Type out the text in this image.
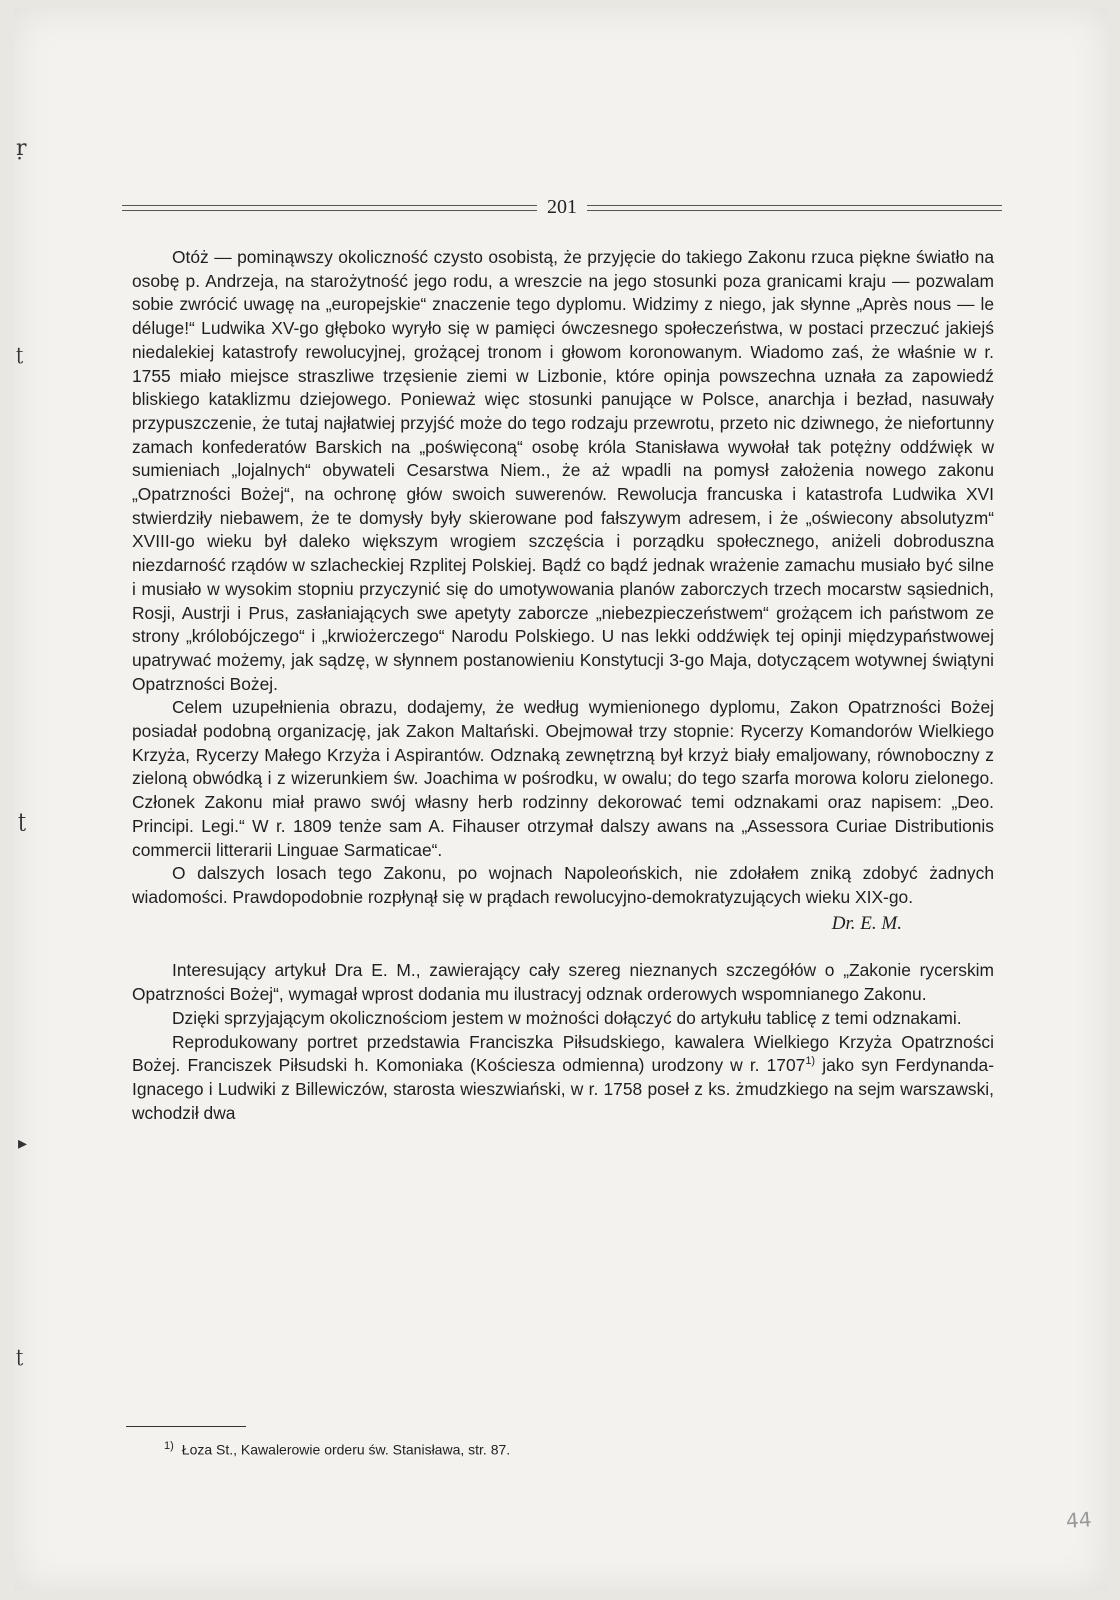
ṛ
ʈ
ʈ
▸
ʈ
201

Otóż — pominąwszy okoliczność czysto osobistą, że przyjęcie do takiego Zakonu rzuca piękne światło na osobę p. Andrzeja, na starożytność jego rodu, a wreszcie na jego stosunki poza granicami kraju — pozwalam sobie zwrócić uwagę na „europejskie“ znaczenie tego dyplomu. Widzimy z niego, jak słynne „Après nous — le déluge!“ Ludwika XV-go głęboko wyryło się w pamięci ówczesnego społeczeństwa, w postaci przeczuć jakiejś niedalekiej katastrofy rewolucyjnej, grożącej tronom i głowom koronowanym. Wiadomo zaś, że właśnie w r. 1755 miało miejsce straszliwe trzęsienie ziemi w Lizbonie, które opinja powszechna uznała za zapowiedź bliskiego kataklizmu dziejowego. Ponieważ więc stosunki panujące w Polsce, anarchja i bezład, nasuwały przypuszczenie, że tutaj najłatwiej przyjść może do tego rodzaju przewrotu, przeto nic dziwnego, że niefortunny zamach konfederatów Barskich na „poświęconą“ osobę króla Stanisława wywołał tak potężny oddźwięk w sumieniach „lojalnych“ obywateli Cesarstwa Niem., że aż wpadli na pomysł założenia nowego zakonu „Opatrzności Bożej“, na ochronę głów swoich suwerenów. Rewolucja francuska i katastrofa Ludwika XVI stwierdziły niebawem, że te domysły były skierowane pod fałszywym adresem, i że „oświecony absolutyzm“ XVIII-go wieku był daleko większym wrogiem szczęścia i porządku społecznego, aniżeli dobroduszna niezdarność rządów w szlacheckiej Rzplitej Polskiej. Bądź co bądź jednak wrażenie zamachu musiało być silne i musiało w wysokim stopniu przyczynić się do umotywowania planów zaborczych trzech mocarstw sąsiednich, Rosji, Austrji i Prus, zasłaniających swe apetyty zaborcze „niebezpieczeństwem“ grożącem ich państwom ze strony „królobójczego“ i „krwiożerczego“ Narodu Polskiego. U nas lekki oddźwięk tej opinji międzypaństwowej upatrywać możemy, jak sądzę, w słynnem postanowieniu Konstytucji 3-go Maja, dotyczącem wotywnej świątyni Opatrzności Bożej.

Celem uzupełnienia obrazu, dodajemy, że według wymienionego dyplomu, Zakon Opatrzności Bożej posiadał podobną organizację, jak Zakon Maltański. Obejmował trzy stopnie: Rycerzy Komandorów Wielkiego Krzyża, Rycerzy Małego Krzyża i Aspirantów. Odznaką zewnętrzną był krzyż biały emaljowany, równoboczny z zieloną obwódką i z wizerunkiem św. Joachima w pośrodku, w owalu; do tego szarfa morowa koloru zielonego. Członek Zakonu miał prawo swój własny herb rodzinny dekorować temi odznakami oraz napisem: „Deo. Principi. Legi.“ W r. 1809 tenże sam A. Fihauser otrzymał dalszy awans na „Assessora Curiae Distributionis commercii litterarii Linguae Sarmaticae“.

O dalszych losach tego Zakonu, po wojnach Napoleońskich, nie zdołałem zniką zdobyć żadnych wiadomości. Prawdopodobnie rozpłynął się w prądach rewolucyjno-demokratyzujących wieku XIX-go.

Dr. E. M.

Interesujący artykuł Dra E. M., zawierający cały szereg nieznanych szczegółów o „Zakonie rycerskim Opatrzności Bożej“, wymagał wprost dodania mu ilustracyj odznak orderowych wspomnianego Zakonu.

Dzięki sprzyjającym okolicznościom jestem w możności dołączyć do artykułu tablicę z temi odznakami.

Reprodukowany portret przedstawia Franciszka Piłsudskiego, kawalera Wielkiego Krzyża Opatrzności Bożej. Franciszek Piłsudski h. Komoniaka (Kościesza odmienna) urodzony w r. 1707$^{1)}$ jako syn Ferdynanda-Ignacego i Ludwiki z Billewiczów, starosta wieszwiański, w r. 1758 poseł z ks. żmudzkiego na sejm warszawski, wchodził dwa

$^{1)}$ Łoza St., Kawalerowie orderu św. Stanisława, str. 87.
44
